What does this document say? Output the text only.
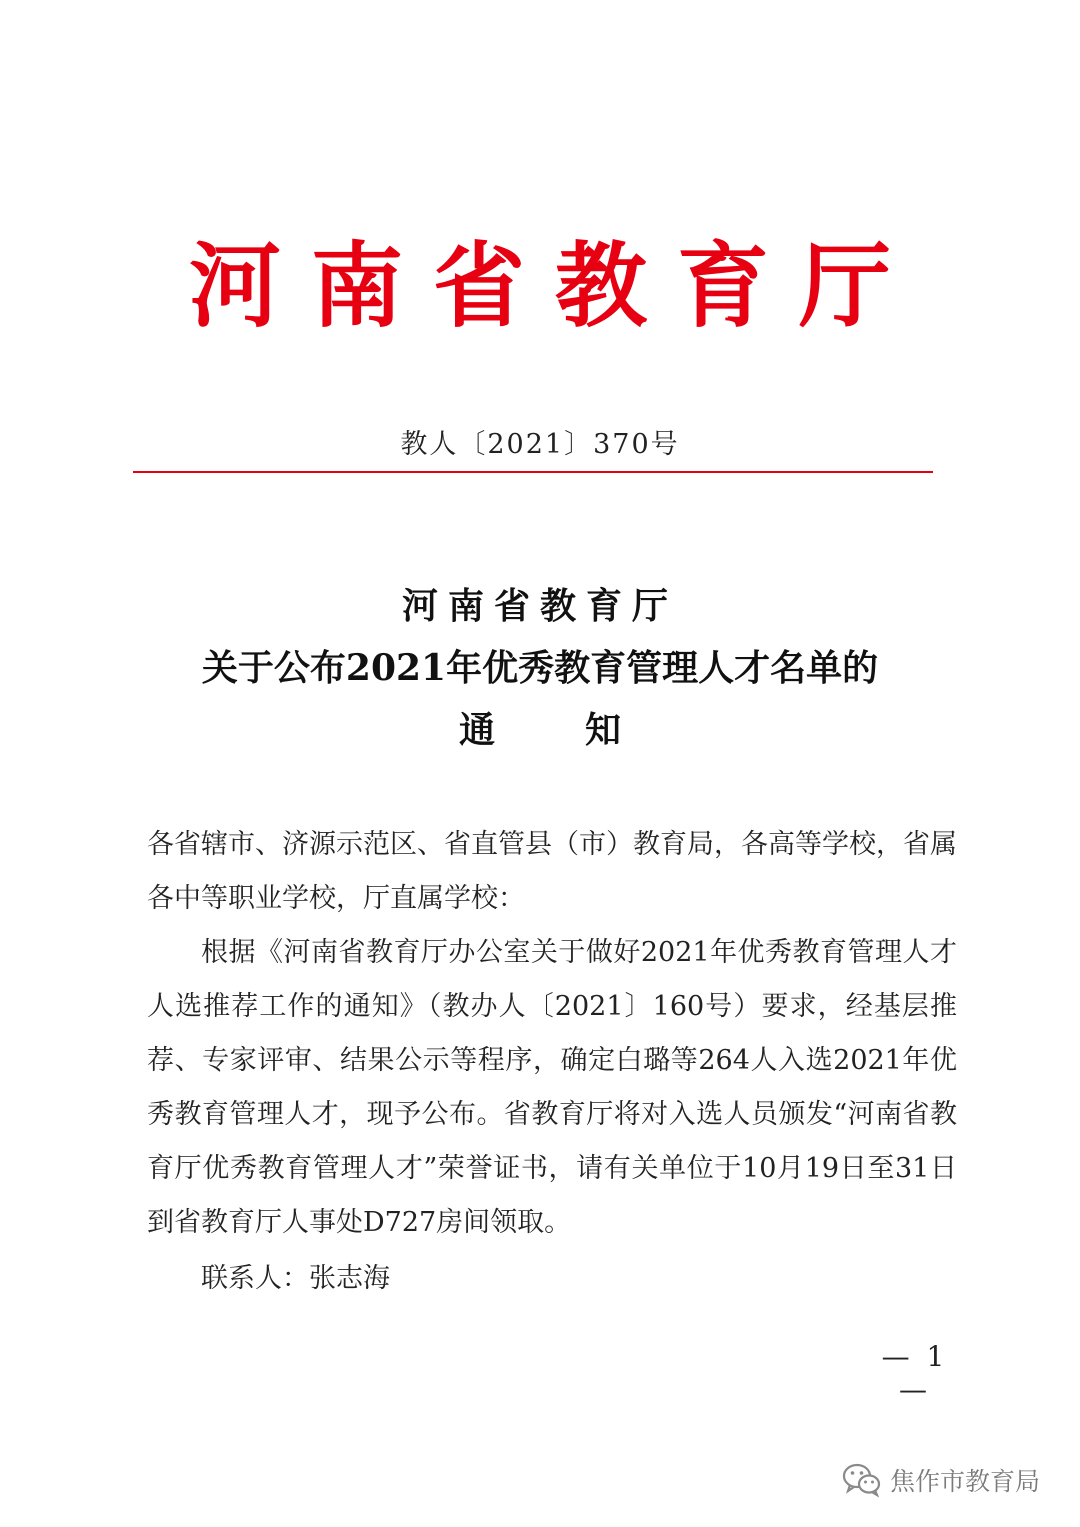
河 南 省 教 育 厅
教人〔2021〕370号
河南省教育厅
关于公布2021年优秀教育管理人才名单的
通	知

各省辖市、济源示范区、省直管县（市）教育局，各高等学校，省属各中等职业学校，厅直属学校：

根据《河南省教育厅办公室关于做好2021年优秀教育管理人才人选推荐工作的通知》（教办人〔2021〕160号）要求，经基层推荐、专家评审、结果公示等程序，确定白璐等264人入选2021年优秀教育管理人才，现予公布。省教育厅将对入选人员颁发“河南省教育厅优秀教育管理人才”荣誉证书，请有关单位于10月19日至31日到省教育厅人事处D727房间领取。

联系人：张志海

— 1 —
焦作市教育局
